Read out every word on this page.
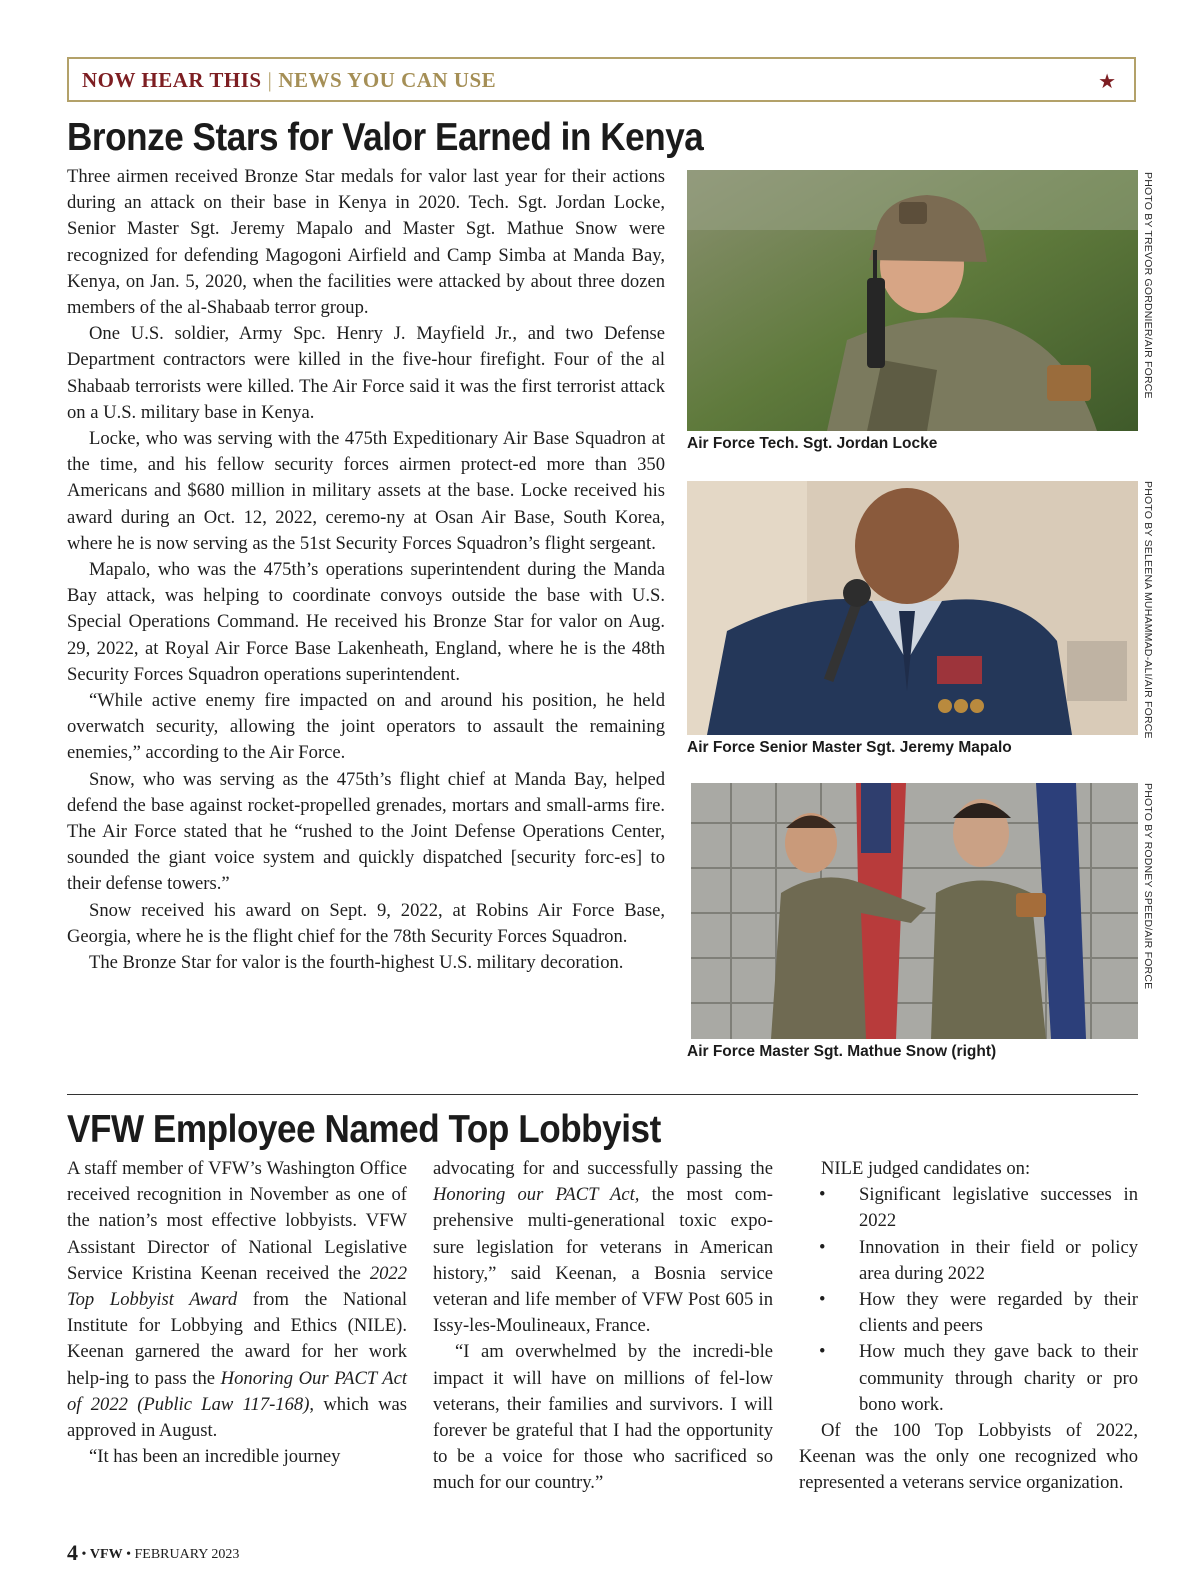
NOW HEAR THIS | NEWS YOU CAN USE	★
Bronze Stars for Valor Earned in Kenya

Three airmen received Bronze Star medals for valor last year for their actions during an attack on their base in Kenya in 2020. Tech. Sgt. Jordan Locke, Senior Master Sgt. Jeremy Mapalo and Master Sgt. Mathue Snow were recognized for defending Magogoni Airfield and Camp Simba at Manda Bay, Kenya, on Jan. 5, 2020, when the facilities were attacked by about three dozen members of the al-Shabaab terror group.

One U.S. soldier, Army Spc. Henry J. Mayfield Jr., and two Defense Department contractors were killed in the five-hour firefight. Four of the al Shabaab terrorists were killed. The Air Force said it was the first terrorist attack on a U.S. military base in Kenya.

Locke, who was serving with the 475th Expeditionary Air Base Squadron at the time, and his fellow security forces airmen protect-ed more than 350 Americans and $680 million in military assets at the base. Locke received his award during an Oct. 12, 2022, ceremo-ny at Osan Air Base, South Korea, where he is now serving as the 51st Security Forces Squadron’s flight sergeant.

Mapalo, who was the 475th’s operations superintendent during the Manda Bay attack, was helping to coordinate convoys outside the base with U.S. Special Operations Command. He received his Bronze Star for valor on Aug. 29, 2022, at Royal Air Force Base Lakenheath, England, where he is the 48th Security Forces Squadron operations superintendent.

“While active enemy fire impacted on and around his position, he held overwatch security, allowing the joint operators to assault the remaining enemies,” according to the Air Force.

Snow, who was serving as the 475th’s flight chief at Manda Bay, helped defend the base against rocket-propelled grenades, mortars and small-arms fire. The Air Force stated that he “rushed to the Joint Defense Operations Center, sounded the giant voice system and quickly dispatched [security forc-es] to their defense towers.”

Snow received his award on Sept. 9, 2022, at Robins Air Force Base, Georgia, where he is the flight chief for the 78th Security Forces Squadron.

The Bronze Star for valor is the fourth-highest U.S. military decoration.

Air Force Tech. Sgt. Jordan Locke
PHOTO BY TREVOR GORDNIER/AIR FORCE
Air Force Senior Master Sgt. Jeremy Mapalo
PHOTO BY SELEENA MUHAMMAD-ALI/AIR FORCE
Air Force Master Sgt. Mathue Snow (right)
PHOTO BY RODNEY SPEED/AIR FORCE
VFW Employee Named Top Lobbyist

A staff member of VFW’s Washington Office received recognition in November as one of the nation’s most effective lobbyists. VFW Assistant Director of National Legislative Service Kristina Keenan received the 2022 Top Lobbyist Award from the National Institute for Lobbying and Ethics (NILE). Keenan garnered the award for her work help-ing to pass the Honoring Our PACT Act of 2022 (Public Law 117-168), which was approved in August.

“It has been an incredible journey

advocating for and successfully passing the Honoring our PACT Act, the most com-prehensive multi-generational toxic expo-sure legislation for veterans in American history,” said Keenan, a Bosnia service veteran and life member of VFW Post 605 in Issy-les-Moulineaux, France.

“I am overwhelmed by the incredi-ble impact it will have on millions of fel-low veterans, their families and survivors. I will forever be grateful that I had the opportunity to be a voice for those who sacrificed so much for our country.”

NILE judged candidates on:

• Significant legislative successes in 2022
• Innovation in their field or policy area during 2022
• How they were regarded by their clients and peers
• How much they gave back to their community through charity or pro bono work.

Of the 100 Top Lobbyists of 2022, Keenan was the only one recognized who represented a veterans service organization.

4 • VFW • FEBRUARY 2023
